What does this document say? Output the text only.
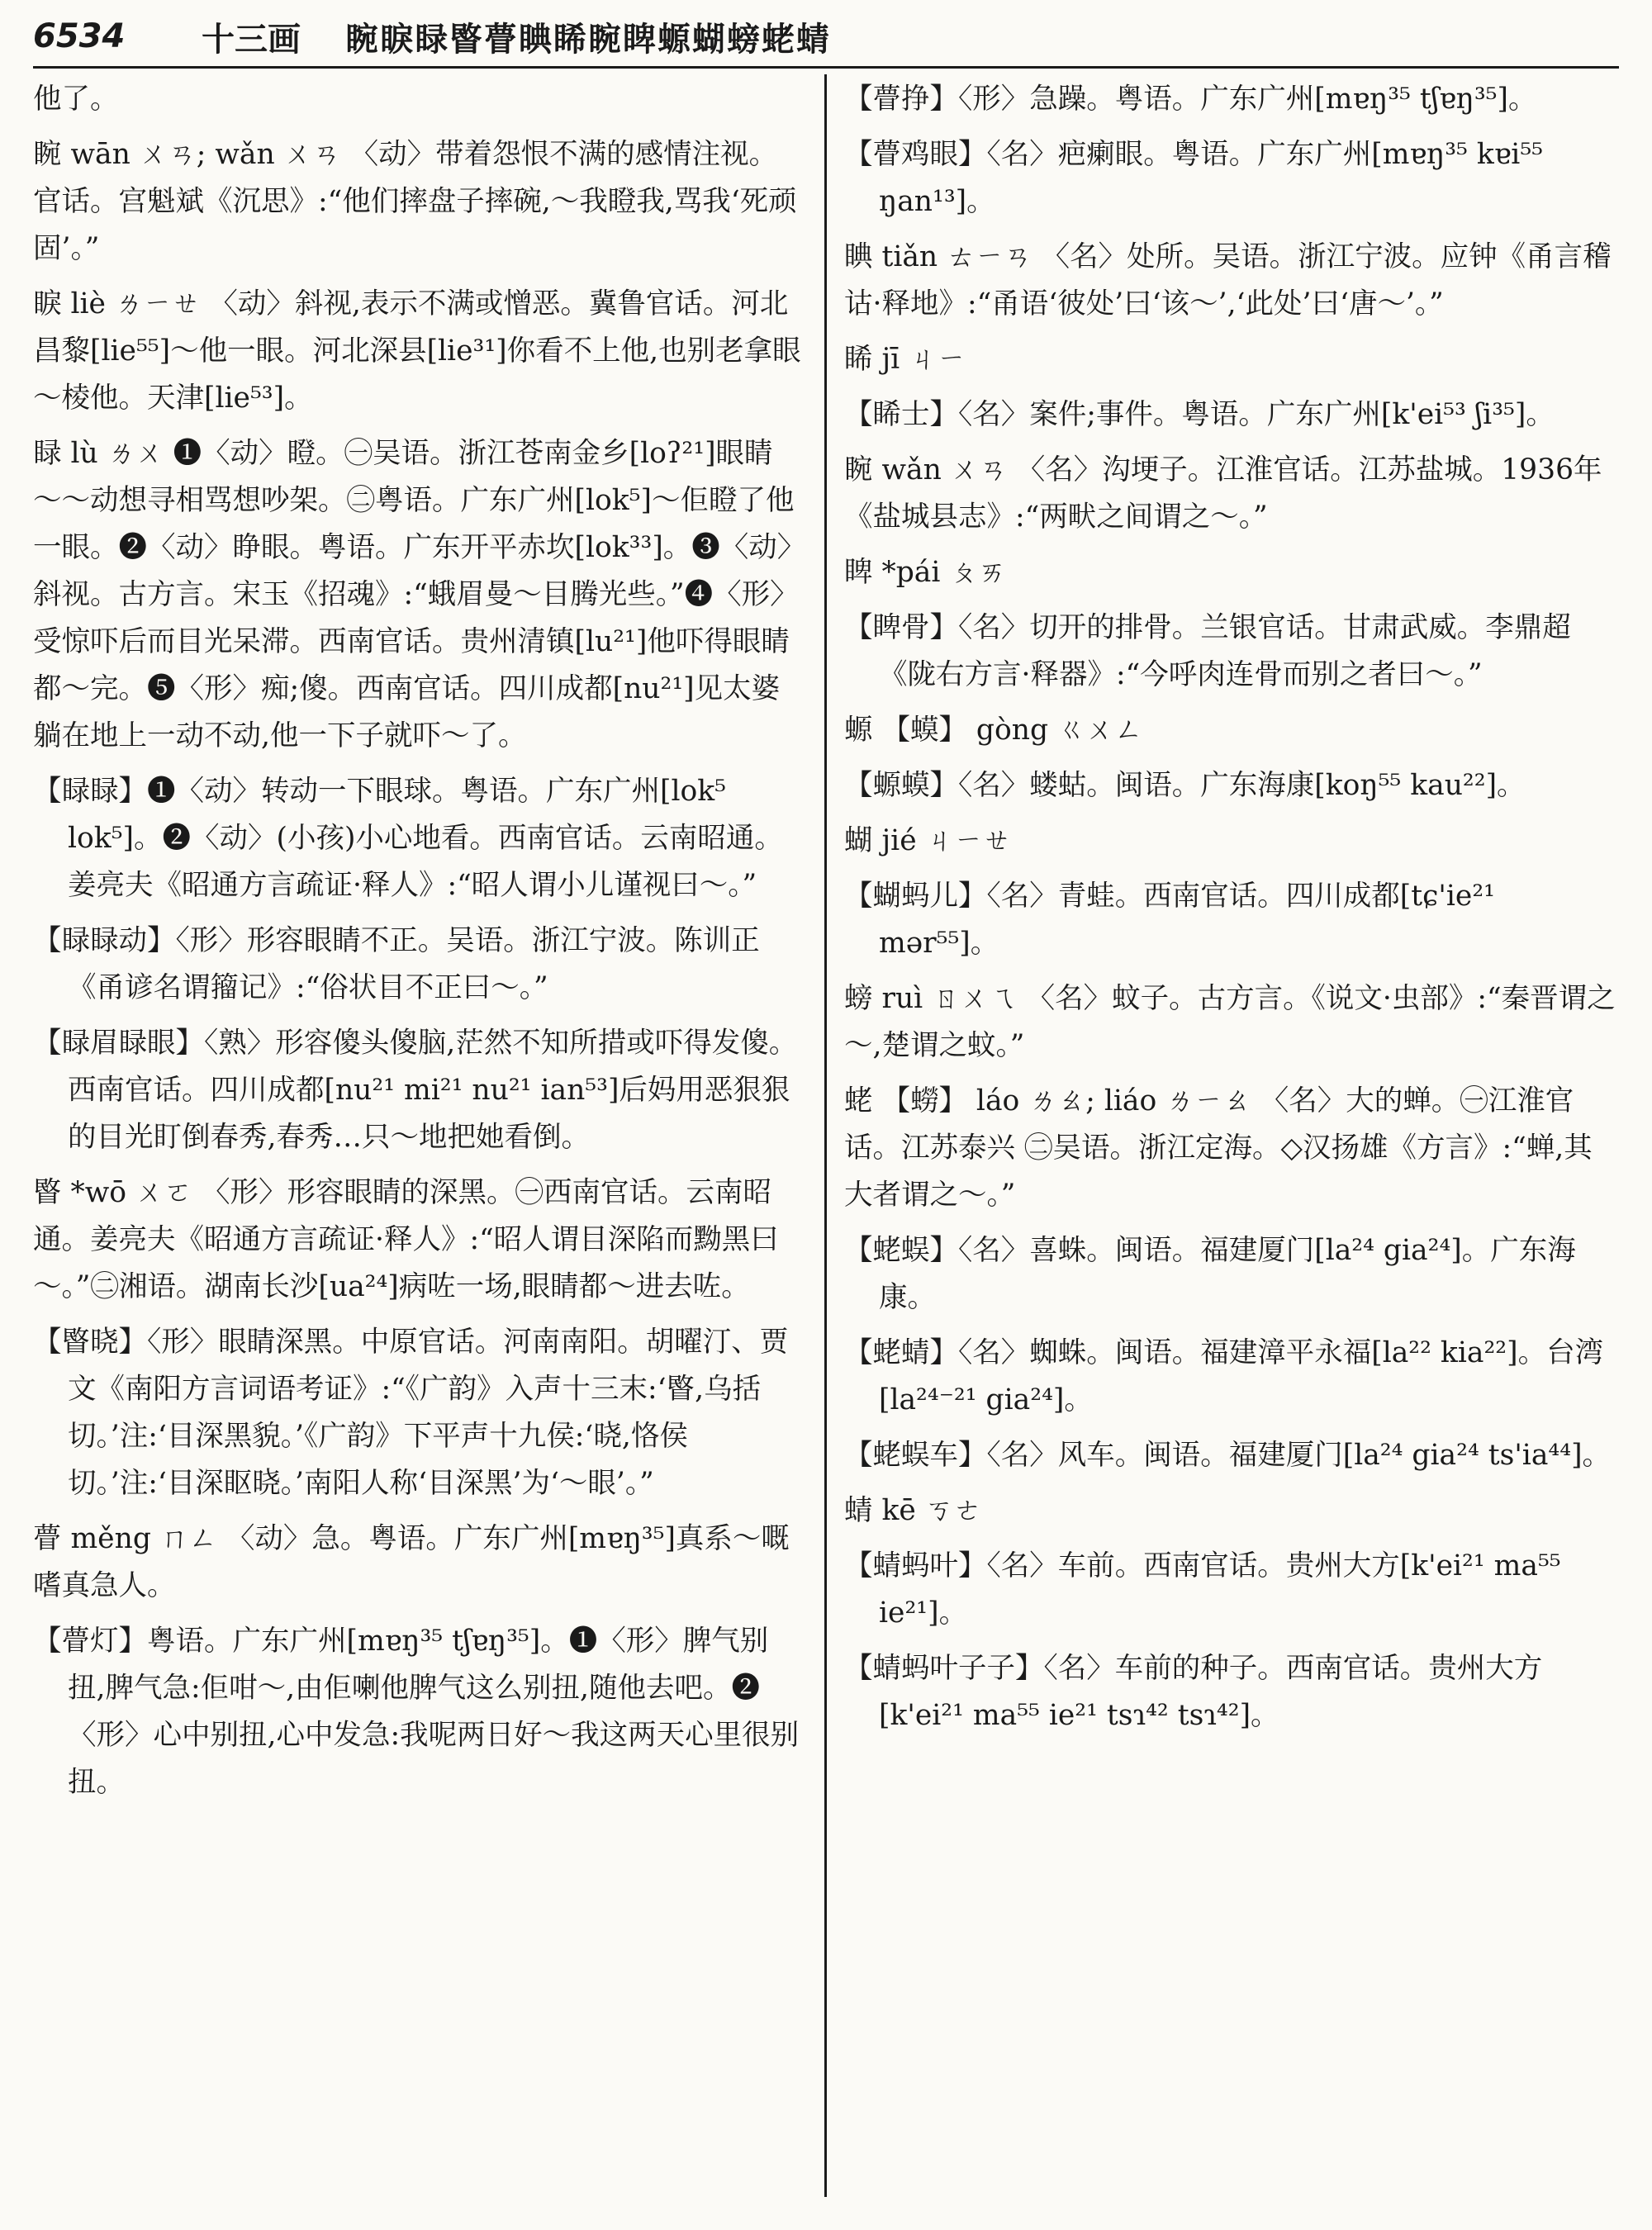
6534	十三画 睕睙睩睯瞢睓睎睕睥螈蝴螃蛯蜻

他了。

睕 wān ㄨㄢ; wǎn ㄨㄢ 〈动〉带着怨恨不满的感情注视。官话。宫魁斌《沉思》:“他们摔盘子摔碗,～我瞪我,骂我‘死顽固’。”

睙 liè ㄌㄧㄝ 〈动〉斜视,表示不满或憎恶。冀鲁官话。河北昌黎[lie⁵⁵]～他一眼。河北深县[lie³¹]你看不上他,也别老拿眼～棱他。天津[lie⁵³]。

睩 lù ㄌㄨ ❶〈动〉瞪。㊀吴语。浙江苍南金乡[loʔ²¹]眼睛～～动想寻相骂想吵架。㊁粤语。广东广州[lok⁵]～佢瞪了他一眼。❷〈动〉睁眼。粤语。广东开平赤坎[lok³³]。❸〈动〉斜视。古方言。宋玉《招魂》:“蛾眉曼～目腾光些。”❹〈形〉受惊吓后而目光呆滞。西南官话。贵州清镇[lu²¹]他吓得眼睛都～完。❺〈形〉痴;傻。西南官话。四川成都[nu²¹]见太婆躺在地上一动不动,他一下子就吓～了。

【睩睩】❶〈动〉转动一下眼球。粤语。广东广州[lok⁵ lok⁵]。❷〈动〉(小孩)小心地看。西南官话。云南昭通。姜亮夫《昭通方言疏证·释人》:“昭人谓小儿谨视曰～。”

【睩睩动】〈形〉形容眼睛不正。吴语。浙江宁波。陈训正《甬谚名谓籀记》:“俗状目不正曰～。”

【睩眉睩眼】〈熟〉形容傻头傻脑,茫然不知所措或吓得发傻。西南官话。四川成都[nu²¹ mi²¹ nu²¹ ian⁵³]后妈用恶狠狠的目光盯倒春秀,春秀…只～地把她看倒。

睯 *wō ㄨㄛ 〈形〉形容眼睛的深黑。㊀西南官话。云南昭通。姜亮夫《昭通方言疏证·释人》:“昭人谓目深陷而黝黑曰～。”㊁湘语。湖南长沙[ua²⁴]病咗一场,眼睛都～进去咗。

【睯晓】〈形〉眼睛深黑。中原官话。河南南阳。胡曜汀、贾文《南阳方言词语考证》:“《广韵》入声十三末:‘睯,乌括切。’注:‘目深黑貌。’《广韵》下平声十九侯:‘晓,恪侯切。’注:‘目深眍晓。’南阳人称‘目深黑’为‘～眼’。”

瞢 měng ㄇㄥ 〈动〉急。粤语。广东广州[mɐŋ³⁵]真系～嘅嗜真急人。

【瞢灯】粤语。广东广州[mɐŋ³⁵ tʃɐŋ³⁵]。❶〈形〉脾气别扭,脾气急:佢咁～,由佢喇他脾气这么别扭,随他去吧。❷〈形〉心中别扭,心中发急:我呢两日好～我这两天心里很别扭。

【瞢挣】〈形〉急躁。粤语。广东广州[mɐŋ³⁵ tʃɐŋ³⁵]。

【瞢鸡眼】〈名〉疤瘌眼。粤语。广东广州[mɐŋ³⁵ kɐi⁵⁵ ŋan¹³]。

睓 tiǎn ㄊㄧㄢ 〈名〉处所。吴语。浙江宁波。应钟《甬言稽诂·释地》:“甬语‘彼处’曰‘该～’,‘此处’曰‘唐～’。”

睎 jī ㄐㄧ

【睎士】〈名〉案件;事件。粤语。广东广州[k'ei⁵³ ʃi³⁵]。

睕 wǎn ㄨㄢ 〈名〉沟埂子。江淮官话。江苏盐城。1936年《盐城县志》:“两畎之间谓之～。”

睥 *pái ㄆㄞ

【睥骨】〈名〉切开的排骨。兰银官话。甘肃武威。李鼎超《陇右方言·释器》:“今呼肉连骨而别之者曰～。”

螈 【蟆】 gòng ㄍㄨㄥ

【螈蟆】〈名〉蝼蛄。闽语。广东海康[koŋ⁵⁵ kau²²]。

蝴 jié ㄐㄧㄝ

【蝴蚂儿】〈名〉青蛙。西南官话。四川成都[tɕ'ie²¹ mər⁵⁵]。

螃 ruì ㄖㄨㄟ 〈名〉蚊子。古方言。《说文·虫部》:“秦晋谓之～,楚谓之蚊。”

蛯 【蟧】 láo ㄌㄠ; liáo ㄌㄧㄠ 〈名〉大的蝉。㊀江淮官话。江苏泰兴 ㊁吴语。浙江定海。◇汉扬雄《方言》:“蝉,其大者谓之～。”

【蛯蜈】〈名〉喜蛛。闽语。福建厦门[la²⁴ gia²⁴]。广东海康。

【蛯蜻】〈名〉蜘蛛。闽语。福建漳平永福[la²² kia²²]。台湾[la²⁴⁻²¹ gia²⁴]。

【蛯蜈车】〈名〉风车。闽语。福建厦门[la²⁴ gia²⁴ ts'ia⁴⁴]。

蜻 kē ㄎㄜ

【蜻蚂叶】〈名〉车前。西南官话。贵州大方[k'ei²¹ ma⁵⁵ ie²¹]。

【蜻蚂叶子子】〈名〉车前的种子。西南官话。贵州大方[k'ei²¹ ma⁵⁵ ie²¹ tsɿ⁴² tsɿ⁴²]。
